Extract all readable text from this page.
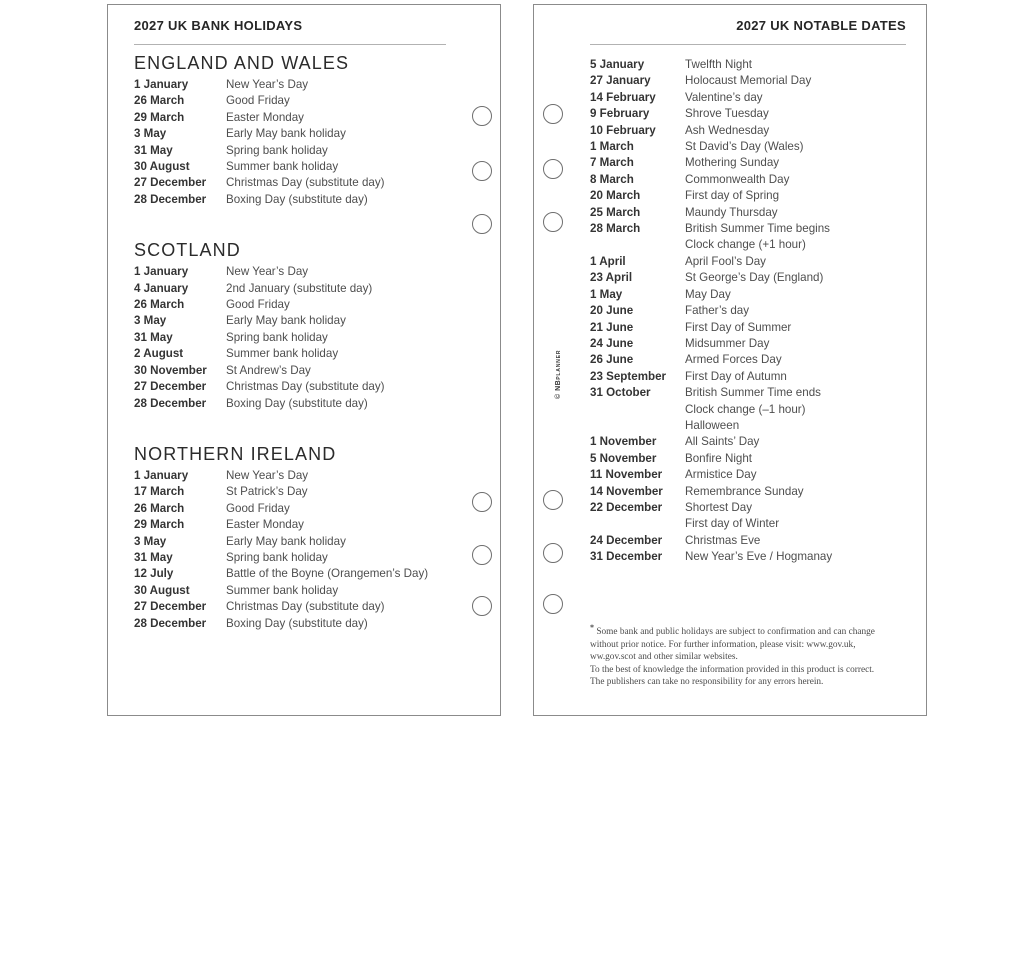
2027 UK BANK HOLIDAYS
ENGLAND AND WALES
1 January	New Year’s Day
26 March	Good Friday
29 March	Easter Monday
3 May	Early May bank holiday
31 May	Spring bank holiday
30 August	Summer bank holiday
27 December	Christmas Day (substitute day)
28 December	Boxing Day (substitute day)
SCOTLAND
1 January	New Year’s Day
4 January	2nd January (substitute day)
26 March	Good Friday
3 May	Early May bank holiday
31 May	Spring bank holiday
2 August	Summer bank holiday
30 November	St Andrew’s Day
27 December	Christmas Day (substitute day)
28 December	Boxing Day (substitute day)
NORTHERN IRELAND
1 January	New Year’s Day
17 March	St Patrick’s Day
26 March	Good Friday
29 March	Easter Monday
3 May	Early May bank holiday
31 May	Spring bank holiday
12 July	Battle of the Boyne (Orangemen’s Day)
30 August	Summer bank holiday
27 December	Christmas Day (substitute day)
28 December	Boxing Day (substitute day)
© NB
PLANNER
2027 UK NOTABLE DATES
5 January	Twelfth Night
27 January	Holocaust Memorial Day
14 February	Valentine’s day
9 February	Shrove Tuesday
10 February	Ash Wednesday
1 March	St David’s Day (Wales)
7 March	Mothering Sunday
8 March	Commonwealth Day
20 March	First day of Spring
25 March	Maundy Thursday
28 March	British Summer Time begins
Clock change (+1 hour)
1 April	April Fool’s Day
23 April	St George’s Day (England)
1 May	May Day
20 June	Father’s day
21 June	First Day of Summer
24 June	Midsummer Day
26 June	Armed Forces Day
23 September	First Day of Autumn
31 October	British Summer Time ends
Clock change (–1 hour)
Halloween
1 November	All Saints’ Day
5 November	Bonfire Night
11 November	Armistice Day
14 November	Remembrance Sunday
22 December	Shortest Day
First day of Winter
24 December	Christmas Eve
31 December	New Year’s Eve / Hogmanay
* Some bank and public holidays are subject to confirmation and can change
without prior notice. For further information, please visit: www.gov.uk,
ww.gov.scot and other similar websites.
To the best of knowledge the information provided in this product is correct.
The publishers can take no responsibility for any errors herein.
